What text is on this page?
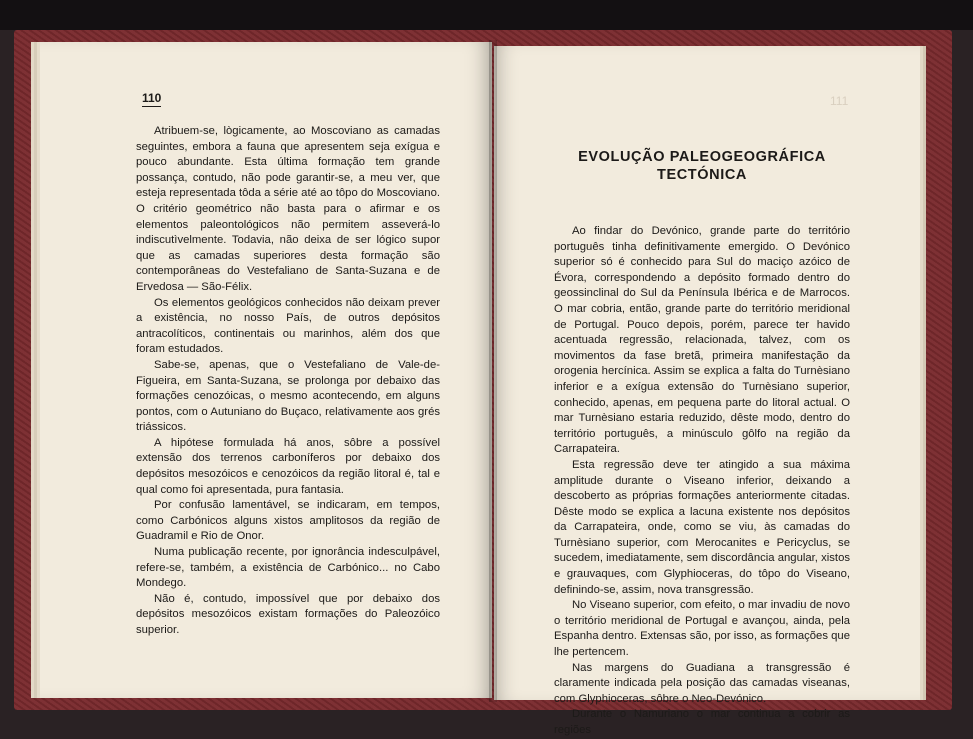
110

Atribuem-se, lògicamente, ao Moscoviano as camadas seguintes, embora a fauna que apresentem seja exígua e pouco abundante. Esta última formação tem grande possança, contudo, não pode garantir-se, a meu ver, que esteja representada tôda a série até ao tôpo do Moscoviano. O critério geométrico não basta para o afirmar e os elementos paleontológicos não permitem asseverá-lo indiscutìvelmente. Todavia, não deixa de ser lógico supor que as camadas superiores desta formação são contemporâneas do Vestefaliano de Santa-Suzana e de Ervedosa — São-Félix.

Os elementos geológicos conhecidos não deixam prever a existência, no nosso País, de outros depósitos antracolíticos, continentais ou marinhos, além dos que foram estudados.

Sabe-se, apenas, que o Vestefaliano de Vale-de-Figueira, em Santa-Suzana, se prolonga por debaixo das formações cenozóicas, o mesmo acontecendo, em alguns pontos, com o Autuniano do Buçaco, relativamente aos grés triássicos.

A hipótese formulada há anos, sôbre a possível extensão dos terrenos carboníferos por debaixo dos depósitos mesozóicos e cenozóicos da região litoral é, tal e qual como foi apresentada, pura fantasia.

Por confusão lamentável, se indicaram, em tempos, como Carbónicos alguns xistos amplitosos da região de Guadramil e Rio de Onor.

Numa publicação recente, por ignorância indesculpável, refere-se, também, a existência de Carbónico... no Cabo Mondego.

Não é, contudo, impossível que por debaixo dos depósitos mesozóicos existam formações do Paleozóico superior.

111
EVOLUÇÃO PALEOGEOGRÁFICA
TECTÓNICA

Ao findar do Devónico, grande parte do território português tinha definitivamente emergido. O Devónico superior só é conhecido para Sul do maciço azóico de Évora, correspondendo a depósito formado dentro do geossinclinal do Sul da Península Ibérica e de Marrocos. O mar cobria, então, grande parte do território meridional de Portugal. Pouco depois, porém, parece ter havido acentuada regressão, relacionada, talvez, com os movimentos da fase bretã, primeira manifestação da orogenia hercínica. Assim se explica a falta do Turnèsiano inferior e a exígua extensão do Turnèsiano superior, conhecido, apenas, em pequena parte do litoral actual. O mar Turnèsiano estaria reduzido, dêste modo, dentro do território português, a minúsculo gôlfo na região da Carrapateira.

Esta regressão deve ter atingido a sua máxima amplitude durante o Viseano inferior, deixando a descoberto as próprias formações anteriormente citadas. Dêste modo se explica a lacuna existente nos depósitos da Carrapateira, onde, como se viu, às camadas do Turnèsiano superior, com Merocanites e Pericyclus, se sucedem, imediatamente, sem discordância angular, xistos e grauvaques, com Glyphioceras, do tôpo do Viseano, definindo-se, assim, nova transgressão.

No Viseano superior, com efeito, o mar invadiu de novo o território meridional de Portugal e avançou, ainda, pela Espanha dentro. Extensas são, por isso, as formações que lhe pertencem.

Nas margens do Guadiana a transgressão é claramente indicada pela posição das camadas viseanas, com Glyphioceras, sôbre o Neo-Devónico.

Durante o Namuriano o mar continua a cobrir as regiões
